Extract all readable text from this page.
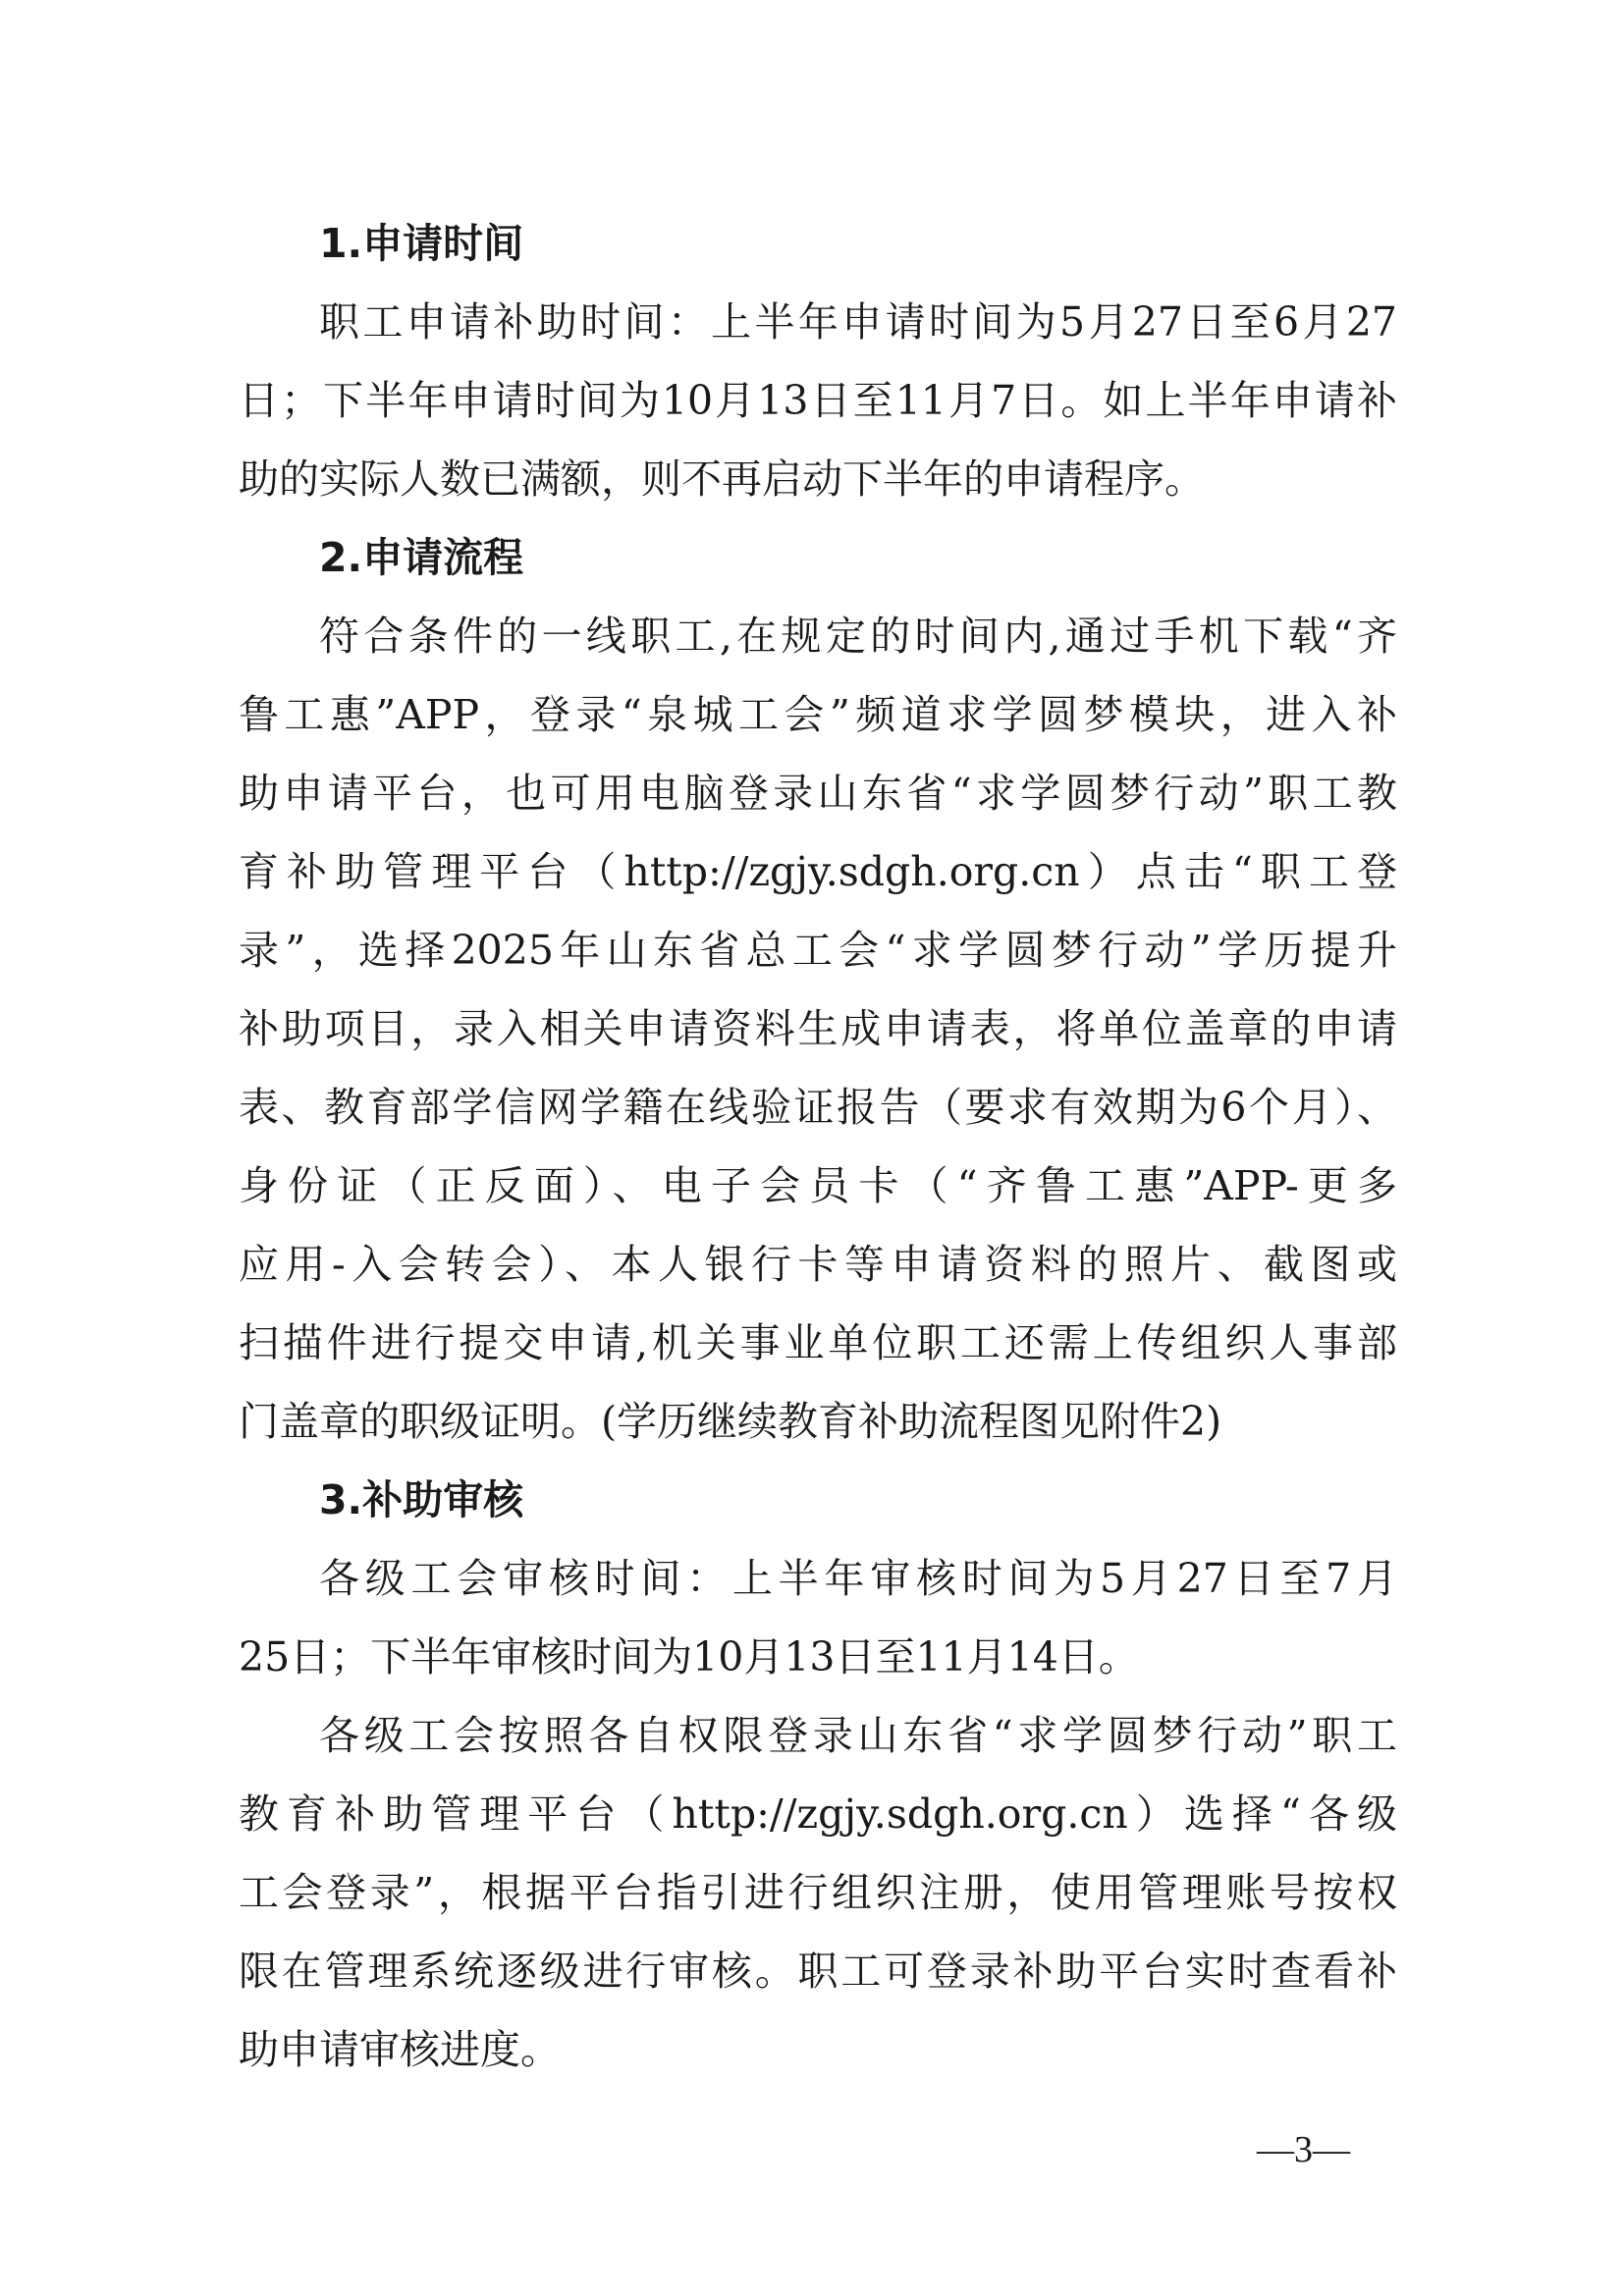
1.申请时间

职工申请补助时间：上半年申请时间为5月27日至6月27
日；下半年申请时间为10月13日至11月7日。如上半年申请补
助的实际人数已满额，则不再启动下半年的申请程序。

2.申请流程

符合条件的一线职工,在规定的时间内,通过手机下载“齐
鲁工惠”APP，登录“泉城工会”频道求学圆梦模块，进入补
助申请平台，也可用电脑登录山东省“求学圆梦行动”职工教
育补助管理平台（http://zgjy.sdgh.org.cn）点击“职工登
录”，选择2025年山东省总工会“求学圆梦行动”学历提升
补助项目，录入相关申请资料生成申请表，将单位盖章的申请
表、教育部学信网学籍在线验证报告（要求有效期为6个月）、
身份证（正反面）、电子会员卡（“齐鲁工惠”APP-更多
应用-入会转会）、本人银行卡等申请资料的照片、截图或
扫描件进行提交申请,机关事业单位职工还需上传组织人事部
门盖章的职级证明。(学历继续教育补助流程图见附件2)

3.补助审核

各级工会审核时间：上半年审核时间为5月27日至7月
25日；下半年审核时间为10月13日至11月14日。

各级工会按照各自权限登录山东省“求学圆梦行动”职工
教育补助管理平台（http://zgjy.sdgh.org.cn）选择“各级
工会登录”，根据平台指引进行组织注册，使用管理账号按权
限在管理系统逐级进行审核。职工可登录补助平台实时查看补
助申请审核进度。

—3—
